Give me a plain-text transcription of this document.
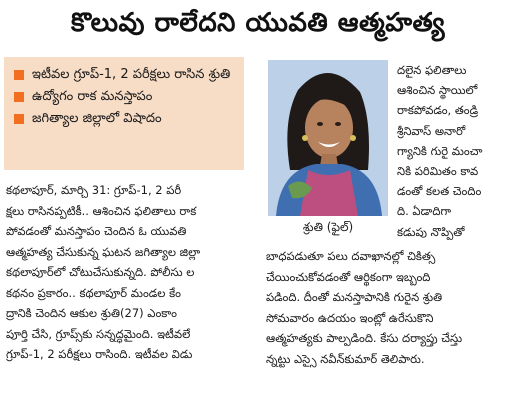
కొలువు రాలేదని యువతి ఆత్మహత్య
ఇటీవల గ్రూప్-1, 2 పరీక్షలు రాసిన శ్రుతి
ఉద్యోగం రాక మనస్తాపం
జగిత్యాల జిల్లాలో విషాదం
శ్రుతి (ఫైల్)
దలైన ఫలితాలు
ఆశించిన స్థాయిలో
రాకపోవడం, తండ్రి
శ్రీనివాస్ అనారో
గ్యానికి గురై మంచా
నికి పరిమితం కావ
డంతో కలత చెందిం
ది. ఏడాదిగా
కడుపు నొప్పితో
కథలాపూర్, మార్చి 31: గ్రూప్-1, 2 పరీ
క్షలు రాసినప్పటికీ.. ఆశించిన ఫలితాలు రాక
పోవడంతో మనస్తాపం చెందిన ఓ యువతి
ఆత్మహత్య చేసుకున్న ఘటన జగిత్యాల జిల్లా
కథలాపూర్‌లో చోటుచేసుకున్నది. పోలీసు ల
కథనం ప్రకారం.. కథలాపూర్ మండల కేం
ద్రానికి చెందిన ఆకుల శ్రుతి(27) ఎంకాం
పూర్తి చేసి, గ్రూప్స్‌కు సన్నద్ధమైంది. ఇటీవలే
గ్రూప్-1, 2 పరీక్షలు రాసింది. ఇటీవల విడు
బాధపడుతూ పలు దవాఖానల్లో చికిత్స
చేయించుకోవడంతో ఆర్థికంగా ఇబ్బంది
పడింది. దీంతో మనస్తాపానికి గురైన శ్రుతి
సోమవారం ఉదయం ఇంట్లో ఉరేసుకొని
ఆత్మహత్యకు పాల్పడింది. కేసు దర్యాప్తు చేస్తు
న్నట్టు ఎస్సై నవీన్‌కుమార్ తెలిపారు.
